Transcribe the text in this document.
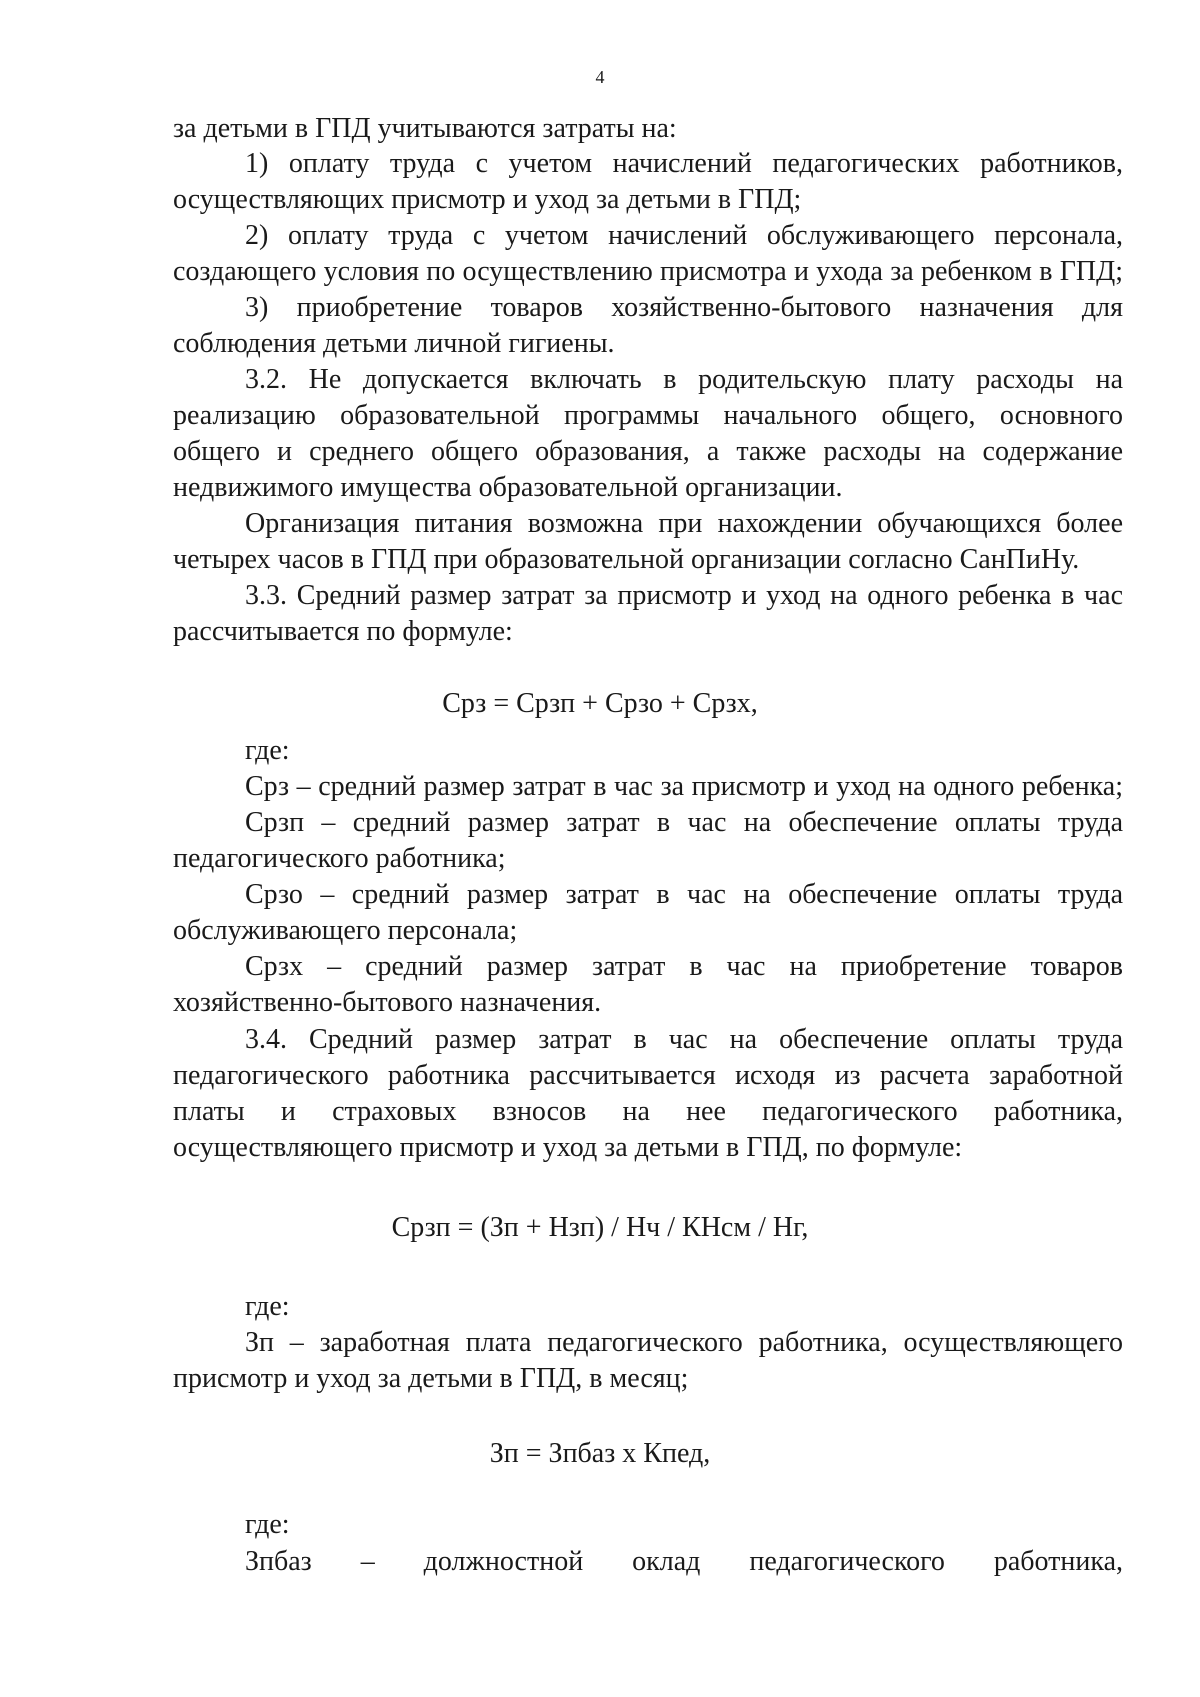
4
за детьми в ГПД учитываются затраты на:
1) оплату труда с учетом начислений педагогических работников,
осуществляющих присмотр и уход за детьми в ГПД;
2) оплату труда с учетом начислений обслуживающего персонала,
создающего условия по осуществлению присмотра и ухода за ребенком в ГПД;
3) приобретение товаров хозяйственно-бытового назначения для
соблюдения детьми личной гигиены.
3.2. Не допускается включать в родительскую плату расходы на
реализацию образовательной программы начального общего, основного
общего и среднего общего образования, а также расходы на содержание
недвижимого имущества образовательной организации.
Организация питания возможна при нахождении обучающихся более
четырех часов в ГПД при образовательной организации согласно СанПиНу.
3.3. Средний размер затрат за присмотр и уход на одного ребенка в час
рассчитывается по формуле:
Срз = Срзп + Срзо + Срзх,
где:
Срз – средний размер затрат в час за присмотр и уход на одного ребенка;
Срзп – средний размер затрат в час на обеспечение оплаты труда
педагогического работника;
Срзо – средний размер затрат в час на обеспечение оплаты труда
обслуживающего персонала;
Срзх – средний размер затрат в час на приобретение товаров
хозяйственно-бытового назначения.
3.4. Средний размер затрат в час на обеспечение оплаты труда
педагогического работника рассчитывается исходя из расчета заработной
платы и страховых взносов на нее педагогического работника,
осуществляющего присмотр и уход за детьми в ГПД, по формуле:
Срзп = (Зп + Нзп) / Нч / КНсм / Нг,
где:
Зп – заработная плата педагогического работника, осуществляющего
присмотр и уход за детьми в ГПД, в месяц;
Зп = Зпбаз х Кпед,
где:
Зпбаз – должностной оклад педагогического работника,
